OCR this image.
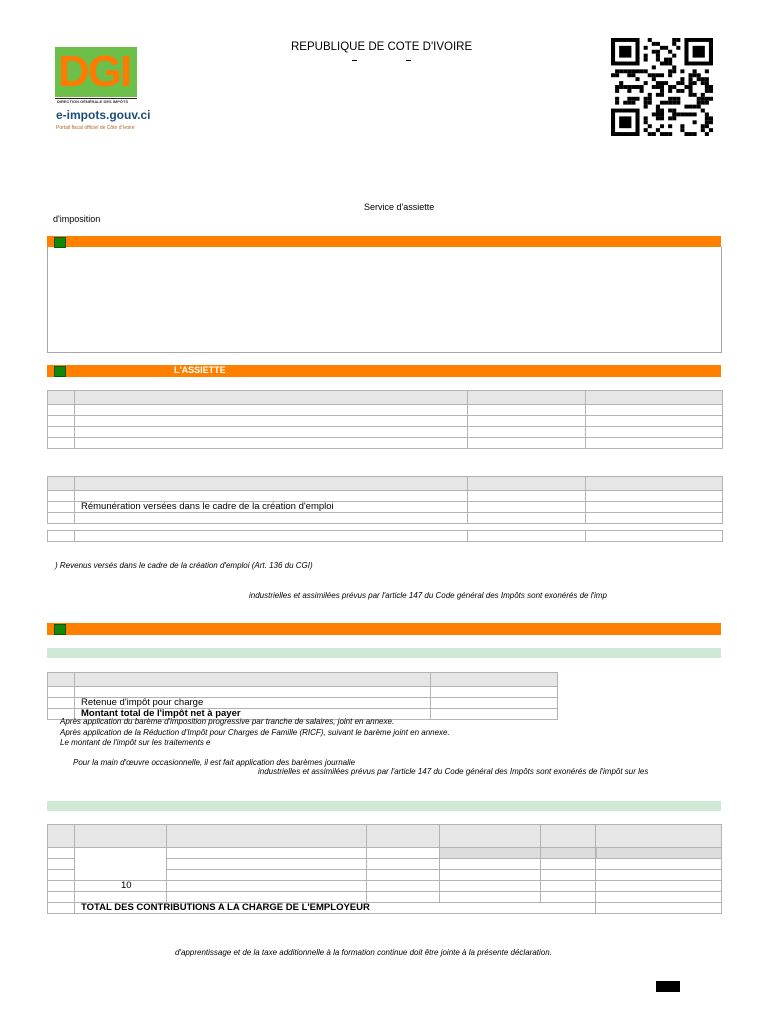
DGI
DIRECTION GÉNÉRALE DES IMPÔTS
e-impots.gouv.ci
Portail fiscal officiel de Côte d'Ivoire
REPUBLIQUE DE COTE D'IVOIRE
Service d'assiette
d'imposition
L'ASSIETTE

	Rémunération versées dans le cadre de la création d'emploi		

) Revenus versés dans le cadre de la création d'emploi (Art. 136 du CGI)
industrielles et assimilées prévus par l'article 147 du Code général des Impôts sont exonérés de l'imp

	Retenue d'impôt pour charge	
	Montant total de l'impôt net à payer	
Après application du barème d'imposition progressive par tranche de salaires, joint en annexe.
Après application de la Réduction d'Impôt pour Charges de Famille (RICF), suivant le barème joint en annexe.
Le montant de l'impôt sur les traitements e
Pour la main d'œuvre occasionnelle, il est fait application des barèmes journalie
industrielles et assimilées prévus par l'article 147 du Code général des Impôts sont exonérés de l'impôt sur les

	10					

	TOTAL DES CONTRIBUTIONS A LA CHARGE DE L'EMPLOYEUR					
d'apprentissage et de la taxe additionnelle à la formation continue doit être jointe à la présente déclaration.
